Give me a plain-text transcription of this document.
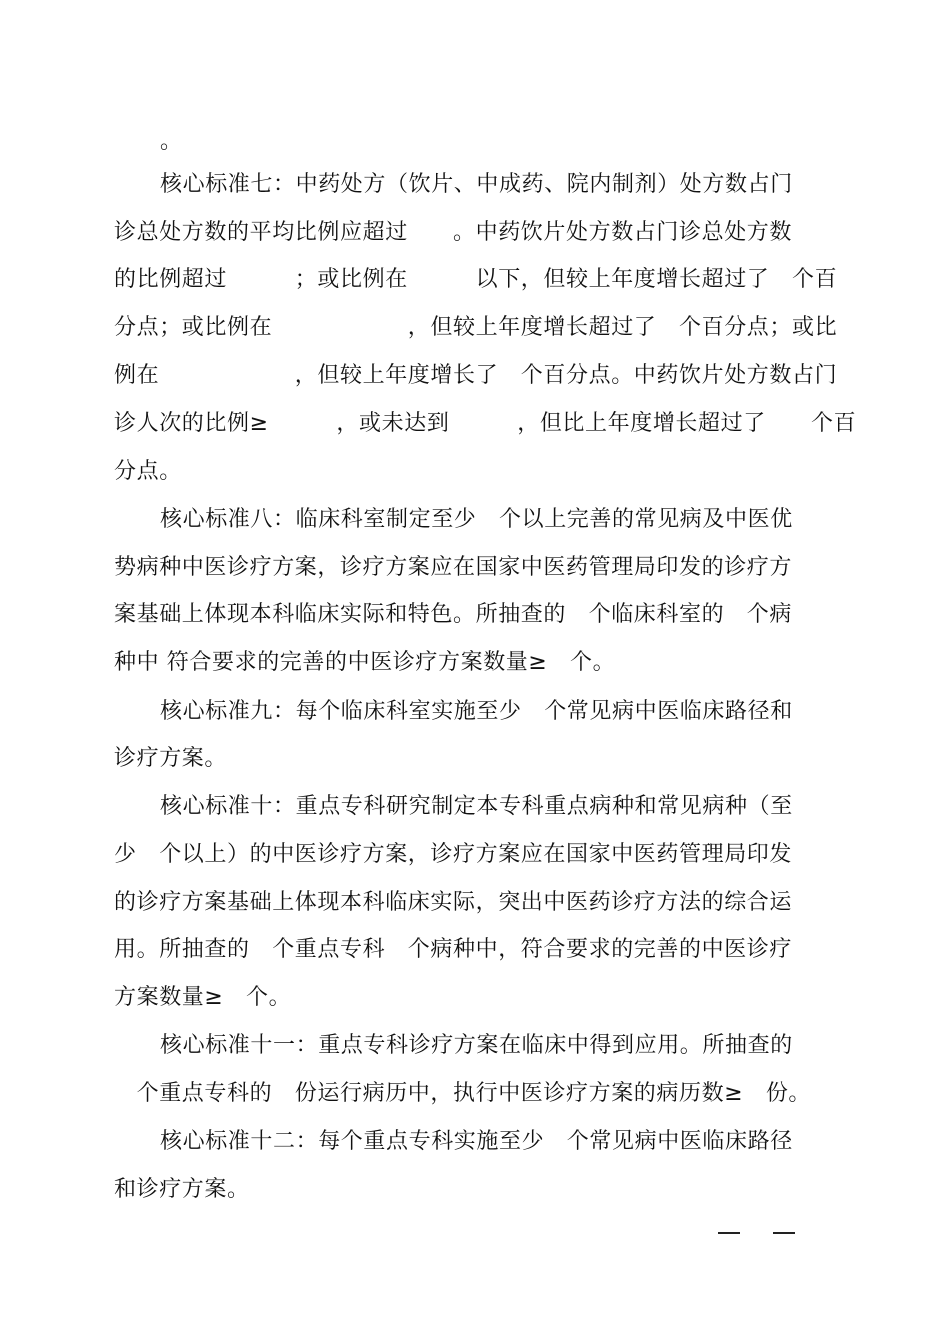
。
核心标准七：中药处方（饮片、中成药、院内制剂）处方数占门
诊总处方数的平均比例应超过　　。中药饮片处方数占门诊总处方数
的比例超过　　　；或比例在　　　以下，但较上年度增长超过了　个百
分点；或比例在　　　　　　，但较上年度增长超过了　个百分点；或比
例在　　　　　　，但较上年度增长了　个百分点。中药饮片处方数占门
诊人次的比例≥　　　，或未达到　　　，但比上年度增长超过了　　个百
分点。
核心标准八：临床科室制定至少　个以上完善的常见病及中医优
势病种中医诊疗方案，诊疗方案应在国家中医药管理局印发的诊疗方
案基础上体现本科临床实际和特色。所抽查的　个临床科室的　个病
种中 符合要求的完善的中医诊疗方案数量≥　个。
核心标准九：每个临床科室实施至少　个常见病中医临床路径和
诊疗方案。
核心标准十：重点专科研究制定本专科重点病种和常见病种（至
少　个以上）的中医诊疗方案，诊疗方案应在国家中医药管理局印发
的诊疗方案基础上体现本科临床实际，突出中医药诊疗方法的综合运
用。所抽查的　个重点专科　个病种中，符合要求的完善的中医诊疗
方案数量≥　个。
核心标准十一：重点专科诊疗方案在临床中得到应用。所抽查的
　个重点专科的　份运行病历中，执行中医诊疗方案的病历数≥　份。
核心标准十二：每个重点专科实施至少　个常见病中医临床路径
和诊疗方案。
